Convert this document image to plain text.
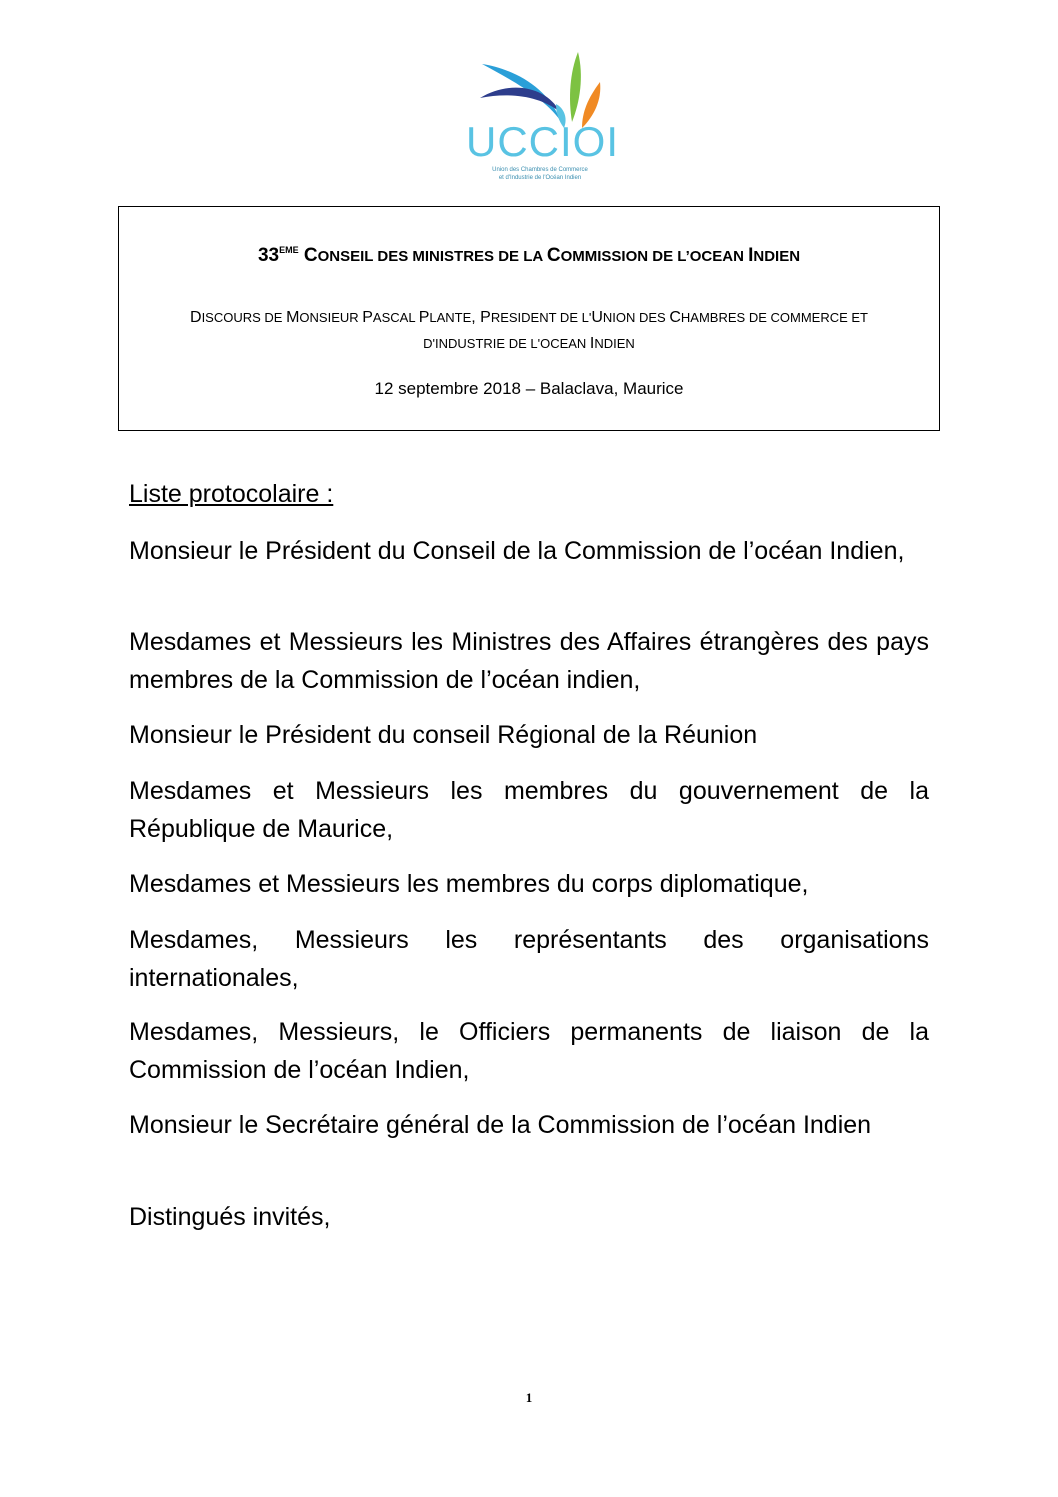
UCCIOI
Union des Chambres de Commerce
et d'Industrie de l'Océan Indien
33EME CONSEIL DES MINISTRES DE LA COMMISSION DE L’OCEAN INDIEN
DISCOURS DE MONSIEUR PASCAL PLANTE, PRESIDENT DE L'UNION DES CHAMBRES DE COMMERCE ET D'INDUSTRIE DE L'OCEAN INDIEN
12 septembre 2018 – Balaclava, Maurice
Liste protocolaire :
Monsieur le Président du Conseil de la Commission de l’océan Indien,
Mesdames et Messieurs les Ministres des Affaires étrangères des pays membres de la Commission de l’océan indien,
Monsieur le Président du conseil Régional de la Réunion
Mesdames et Messieurs les membres du gouvernement de la République de Maurice,
Mesdames et Messieurs les membres du corps diplomatique,
Mesdames, Messieurs les représentants des organisations internationales,
Mesdames, Messieurs, le Officiers permanents de liaison de la Commission de l’océan Indien,
Monsieur le Secrétaire général de la Commission de l’océan Indien
Distingués invités,
1
